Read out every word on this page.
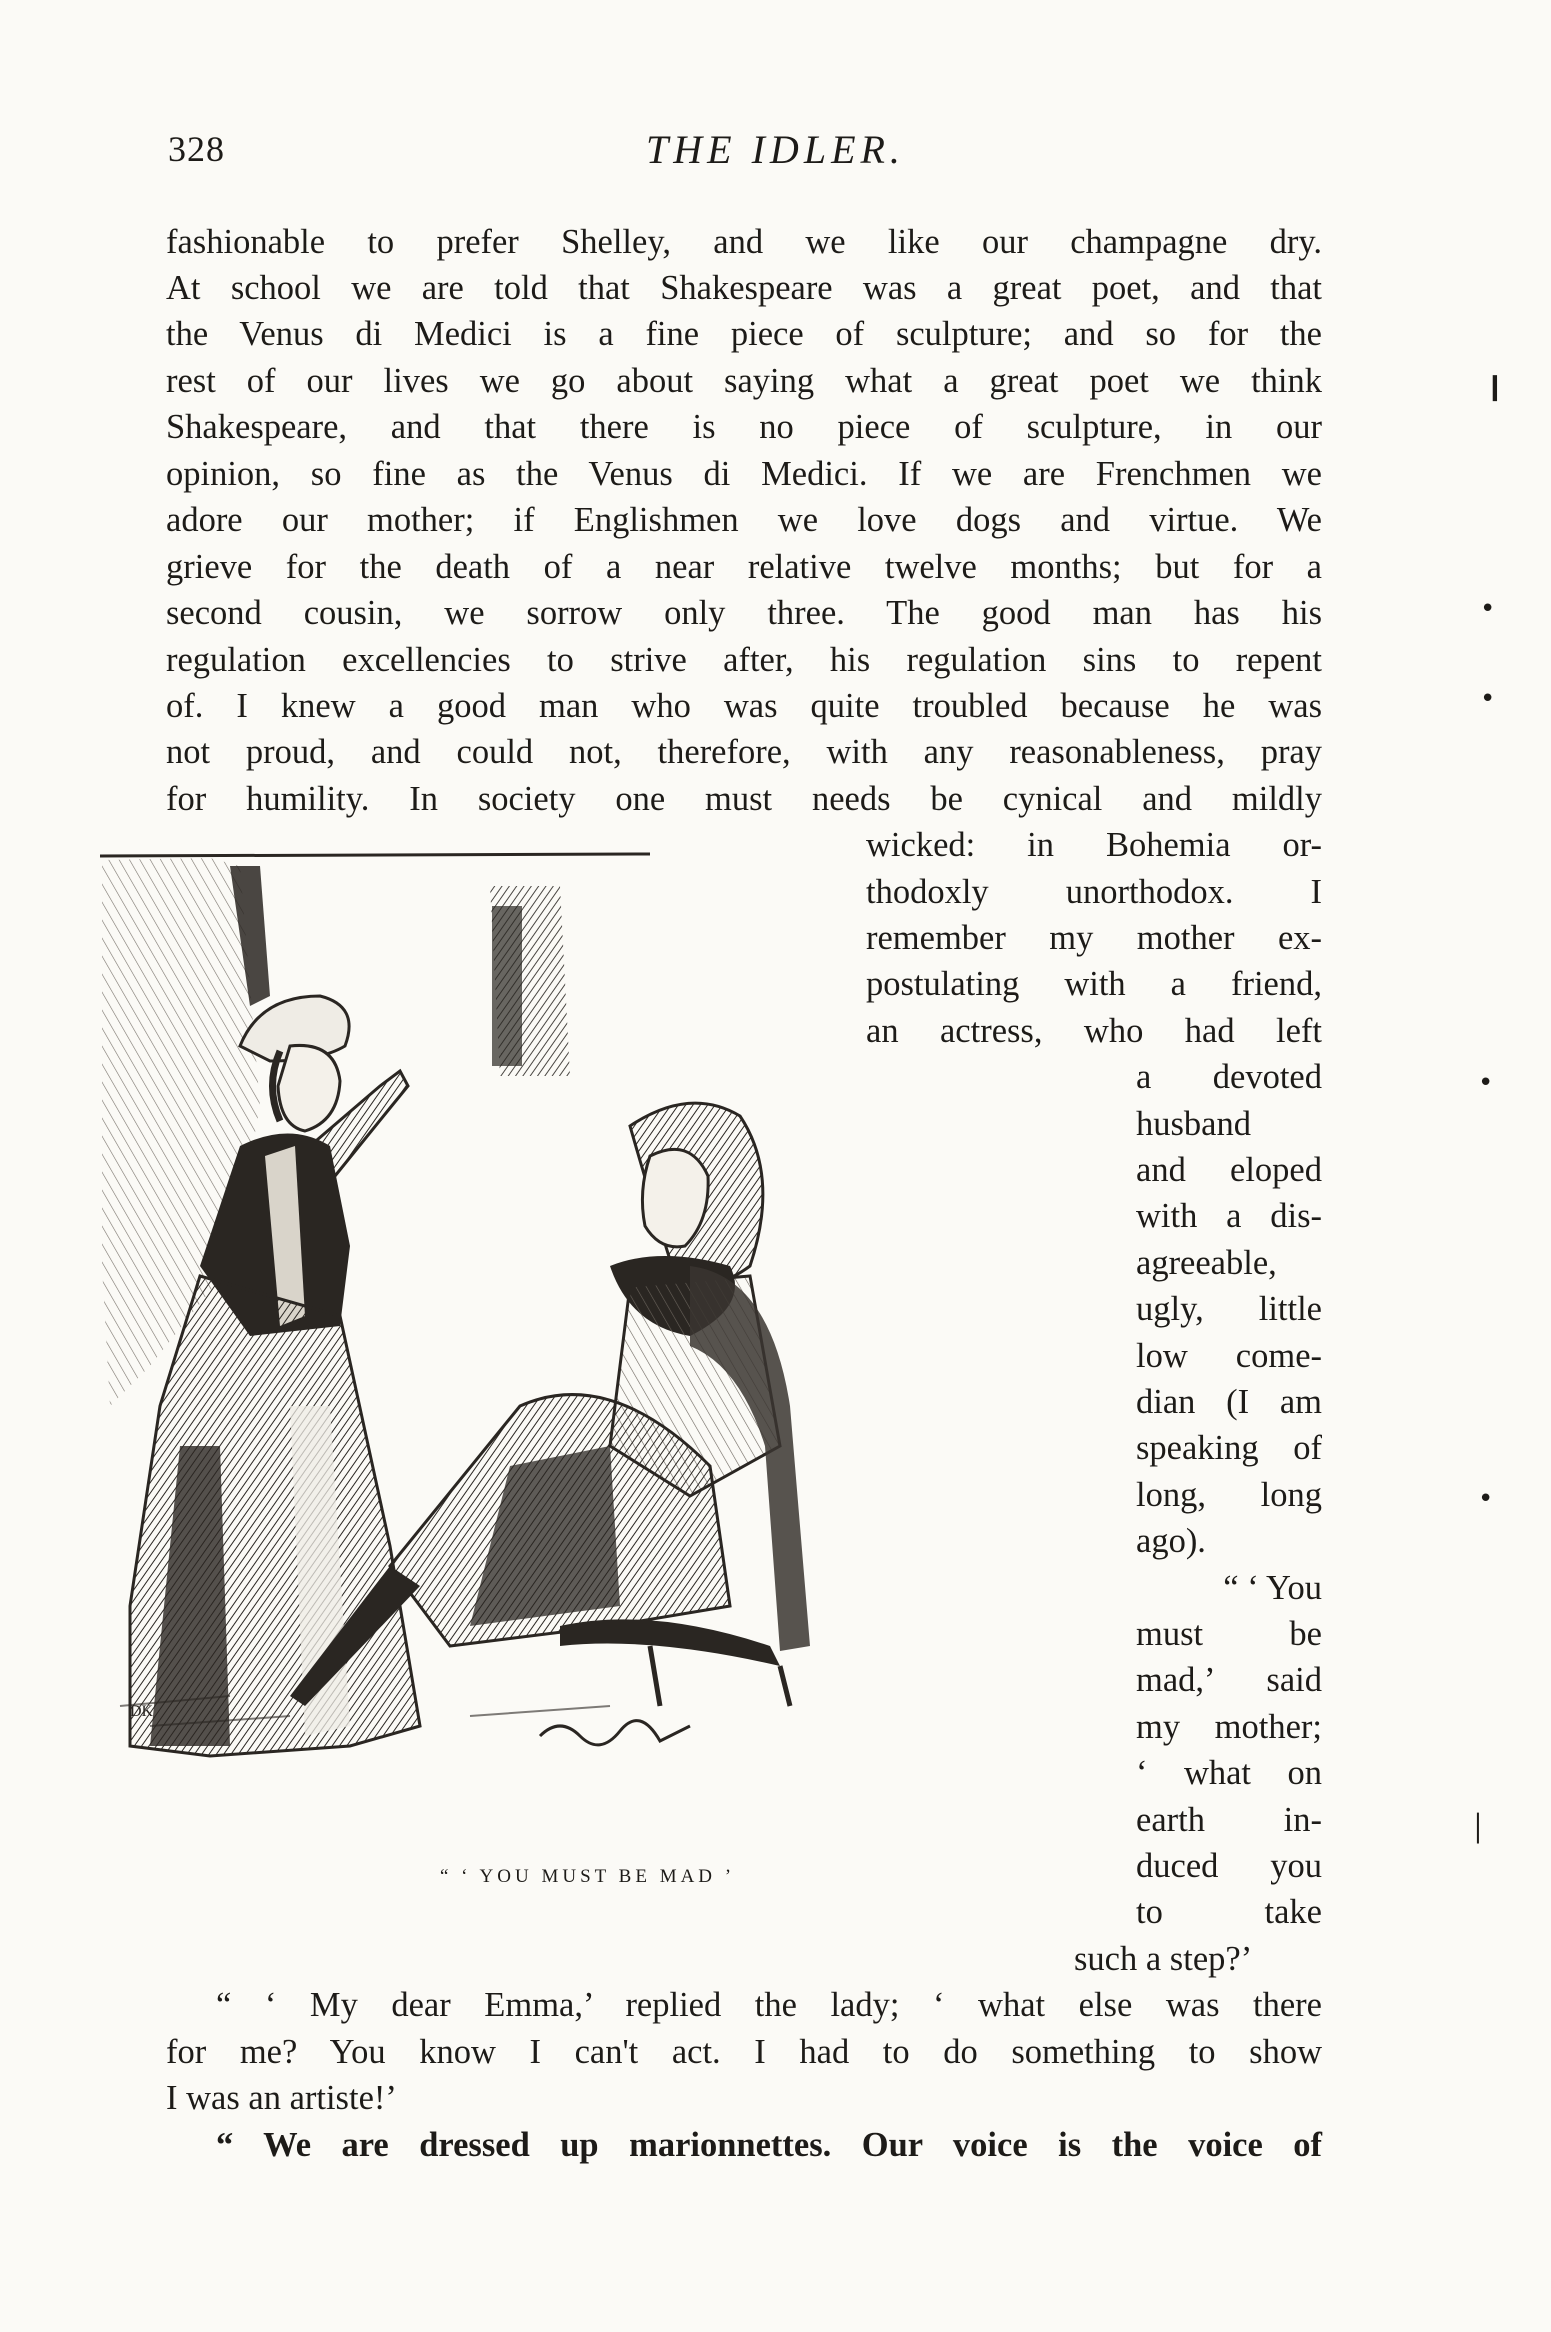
328	THE IDLER.
fashionable to prefer Shelley, and we like our champagne dry.
At school we are told that Shakespeare was a great poet, and that
the Venus di Medici is a fine piece of sculpture; and so for the
rest of our lives we go about saying what a great poet we think
Shakespeare, and that there is no piece of sculpture, in our
opinion, so fine as the Venus di Medici. If we are Frenchmen we
adore our mother; if Englishmen we love dogs and virtue. We
grieve for the death of a near relative twelve months; but for a
second cousin, we sorrow only three. The good man has his
regulation excellencies to strive after, his regulation sins to repent
of. I knew a good man who was quite troubled because he was
not proud, and could not, therefore, with any reasonableness, pray
for humility. In society one must needs be cynical and mildly
wicked: in Bohemia or-
thodoxly unorthodox. I
remember my mother ex-
postulating with a friend,
an actress, who had left
a devoted
husband
and eloped
with a dis-
agreeable,
ugly, little
low come-
dian (I am
speaking of
long, long
ago).
“ ‘ You
must be
mad,’ said
my mother;
‘ what on
earth in-
duced you
to take
such a step?’
“ ‘ My dear Emma,’ replied the lady; ‘ what else was there
for me? You know I can't act. I had to do something to show
I was an artiste!’
“ We are dressed up marionnettes. Our voice is the voice of
DK
“ ‘ YOU MUST BE MAD ’
❙
•
•
•
•
│
